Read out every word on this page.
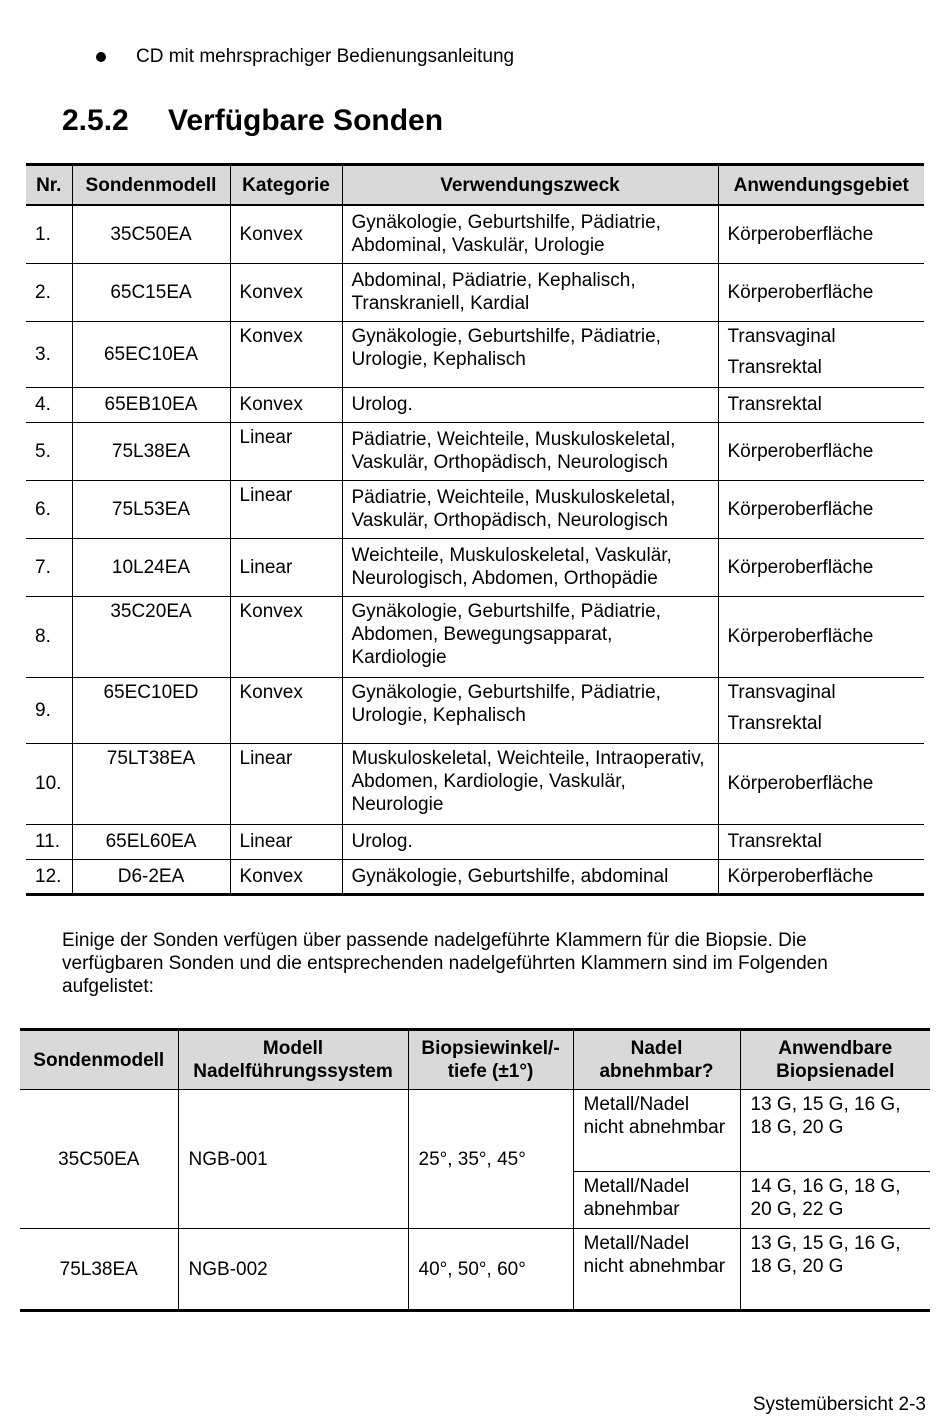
CD mit mehrsprachiger Bedienungsanleitung
2.5.2	Verfügbare Sonden
Nr.	Sondenmodell	Kategorie	Verwendungszweck	Anwendungsgebiet
1.	35C50EA	Konvex	Gynäkologie, Geburtshilfe, Pädiatrie, Abdominal, Vaskulär, Urologie	Körperoberfläche
2.	65C15EA	Konvex	Abdominal, Pädiatrie, Kephalisch, Transkraniell, Kardial	Körperoberfläche
3.	65EC10EA	Konvex	Gynäkologie, Geburtshilfe, Pädiatrie, Urologie, Kephalisch	Transvaginal
Transrektal

4.	65EB10EA	Konvex	Urolog.	Transrektal
5.	75L38EA	Linear	Pädiatrie, Weichteile, Muskuloskeletal, Vaskulär, Orthopädisch, Neurologisch	Körperoberfläche
6.	75L53EA	Linear	Pädiatrie, Weichteile, Muskuloskeletal, Vaskulär, Orthopädisch, Neurologisch	Körperoberfläche
7.	10L24EA	Linear	Weichteile, Muskuloskeletal, Vaskulär, Neurologisch, Abdomen, Orthopädie	Körperoberfläche
8.	35C20EA	Konvex	Gynäkologie, Geburtshilfe, Pädiatrie, Abdomen, Bewegungsapparat, Kardiologie	Körperoberfläche
9.	65EC10ED	Konvex	Gynäkologie, Geburtshilfe, Pädiatrie, Urologie, Kephalisch	Transvaginal
Transrektal

10.	75LT38EA	Linear	Muskuloskeletal, Weichteile, Intraoperativ, Abdomen, Kardiologie, Vaskulär, Neurologie	Körperoberfläche
11.	65EL60EA	Linear	Urolog.	Transrektal
12.	D6-2EA	Konvex	Gynäkologie, Geburtshilfe, abdominal	Körperoberfläche
Einige der Sonden verfügen über passende nadelgeführte Klammern für die Biopsie. Die verfügbaren Sonden und die entsprechenden nadelgeführten Klammern sind im Folgenden aufgelistet:
Sondenmodell	Modell Nadelführungssystem	Biopsiewinkel/-tiefe (±1°)	Nadel abnehmbar?	Anwendbare Biopsienadel
35C50EA	NGB-001	25°, 35°, 45°	Metall/Nadel nicht abnehmbar	13 G, 15 G, 16 G, 18 G, 20 G
			Metall/Nadel abnehmbar	14 G, 16 G, 18 G, 20 G, 22 G
75L38EA	NGB-002	40°, 50°, 60°	Metall/Nadel nicht abnehmbar	13 G, 15 G, 16 G, 18 G, 20 G
Systemübersicht 2-3
